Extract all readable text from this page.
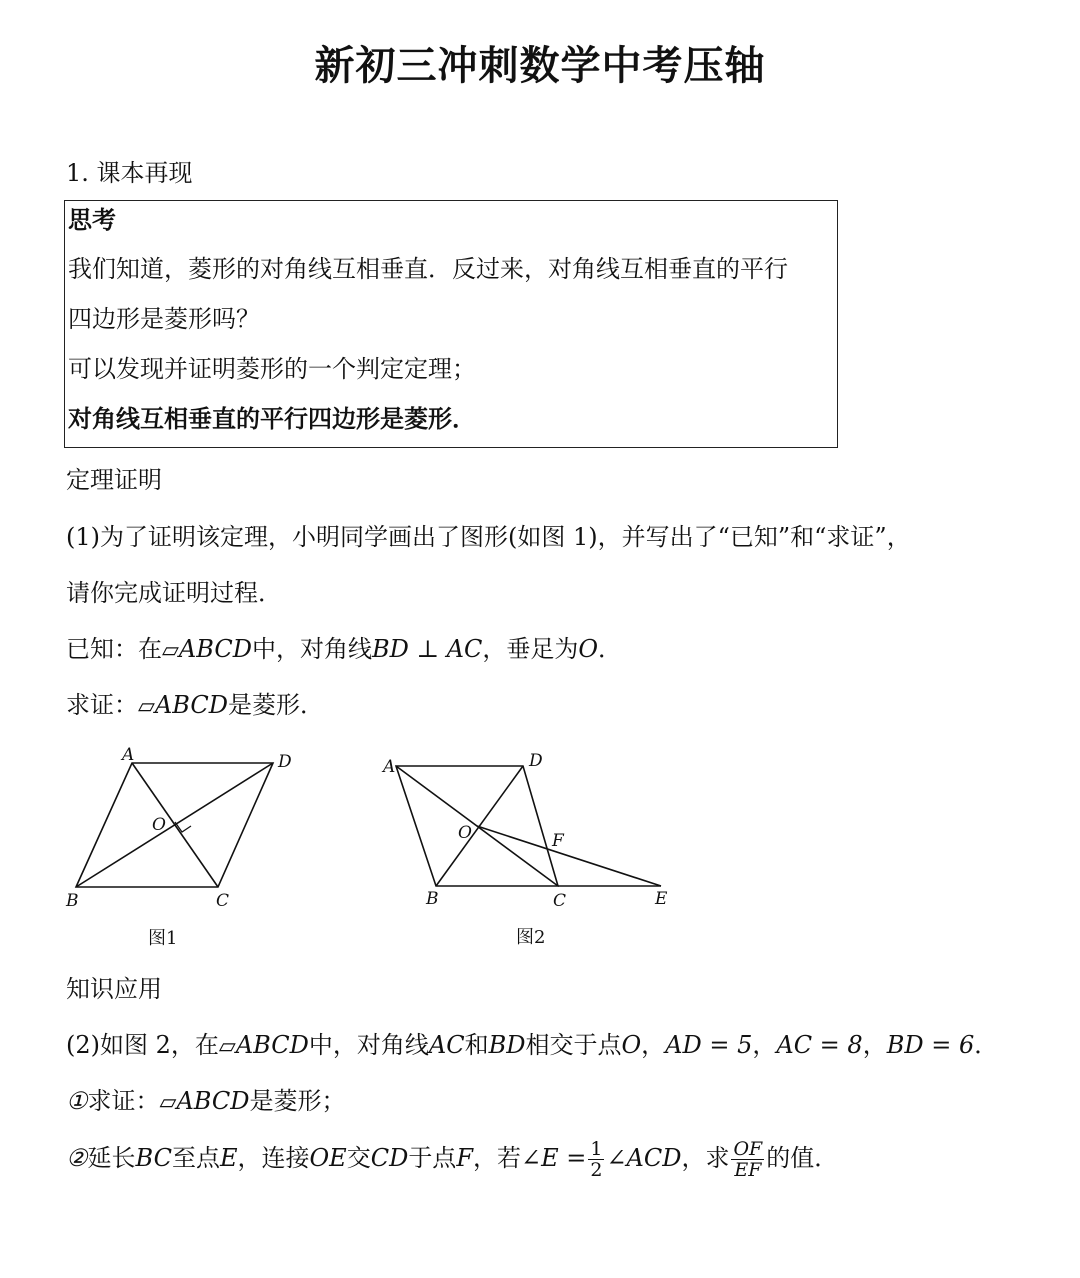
新初三冲刺数学中考压轴
1. 课本再现
思考
我们知道，菱形的对角线互相垂直．反过来，对角线互相垂直的平行
四边形是菱形吗？
可以发现并证明菱形的一个判定定理；
对角线互相垂直的平行四边形是菱形．
定理证明
(1)为了证明该定理，小明同学画出了图形(如图 1)，并写出了“已知”和“求证”，
请你完成证明过程．
已知：在▱ABCD中，对角线BD ⊥ AC，垂足为O．
求证：▱ABCD是菱形．
A	D
O
B	C
图1
A	D
O	F
B	C	E
图2
知识应用
(2)如图 2，在▱ABCD中，对角线AC和BD相交于点O，AD = 5，AC = 8，BD = 6．
①求证：▱ABCD是菱形；
②延长BC至点E，连接OE交CD于点F，若∠E = $\frac{1}{2}$ ∠ACD，求 $\frac{OF}{EF}$ 的值．
